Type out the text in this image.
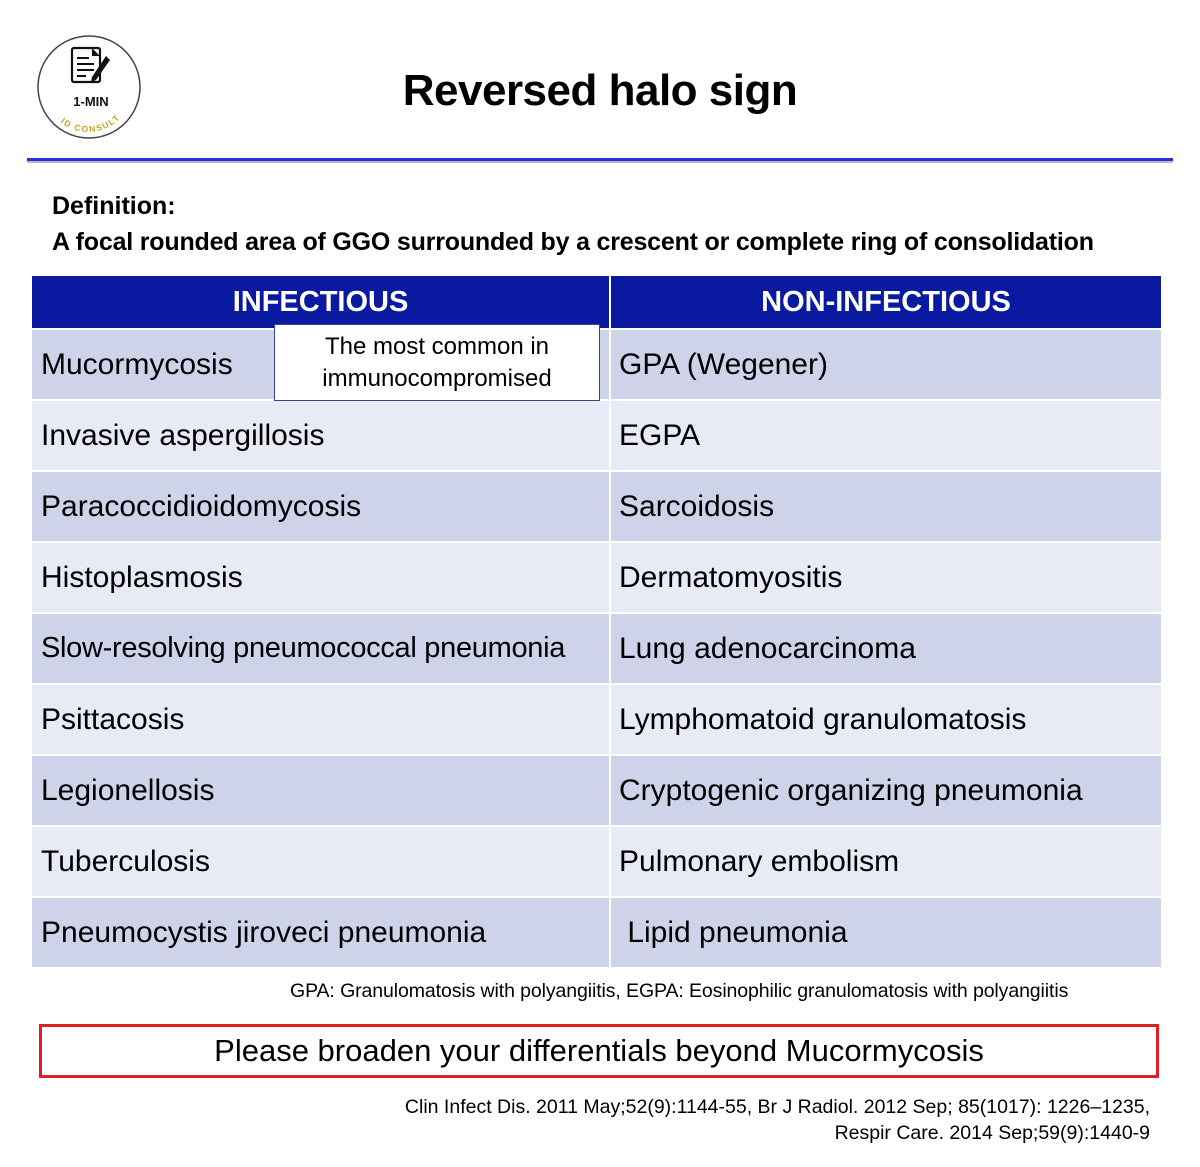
1-MIN
ID CONSULT
Reversed halo sign
Definition:
A focal rounded area of GGO surrounded by a crescent or complete ring of consolidation
INFECTIOUS	NON-INFECTIOUS
Mucormycosis	GPA (Wegener)
Invasive aspergillosis	EGPA
Paracoccidioidomycosis	Sarcoidosis
Histoplasmosis	Dermatomyositis
Slow-resolving pneumococcal pneumonia	Lung adenocarcinoma
Psittacosis	Lymphomatoid granulomatosis
Legionellosis	Cryptogenic organizing pneumonia
Tuberculosis	Pulmonary embolism
Pneumocystis jiroveci pneumonia	Lipid pneumonia
The most common in
immunocompromised
GPA: Granulomatosis with polyangiitis, EGPA: Eosinophilic granulomatosis with polyangiitis
Please broaden your differentials beyond Mucormycosis
Clin Infect Dis. 2011 May;52(9):1144-55, Br J Radiol. 2012 Sep; 85(1017): 1226–1235,
Respir Care. 2014 Sep;59(9):1440-9
